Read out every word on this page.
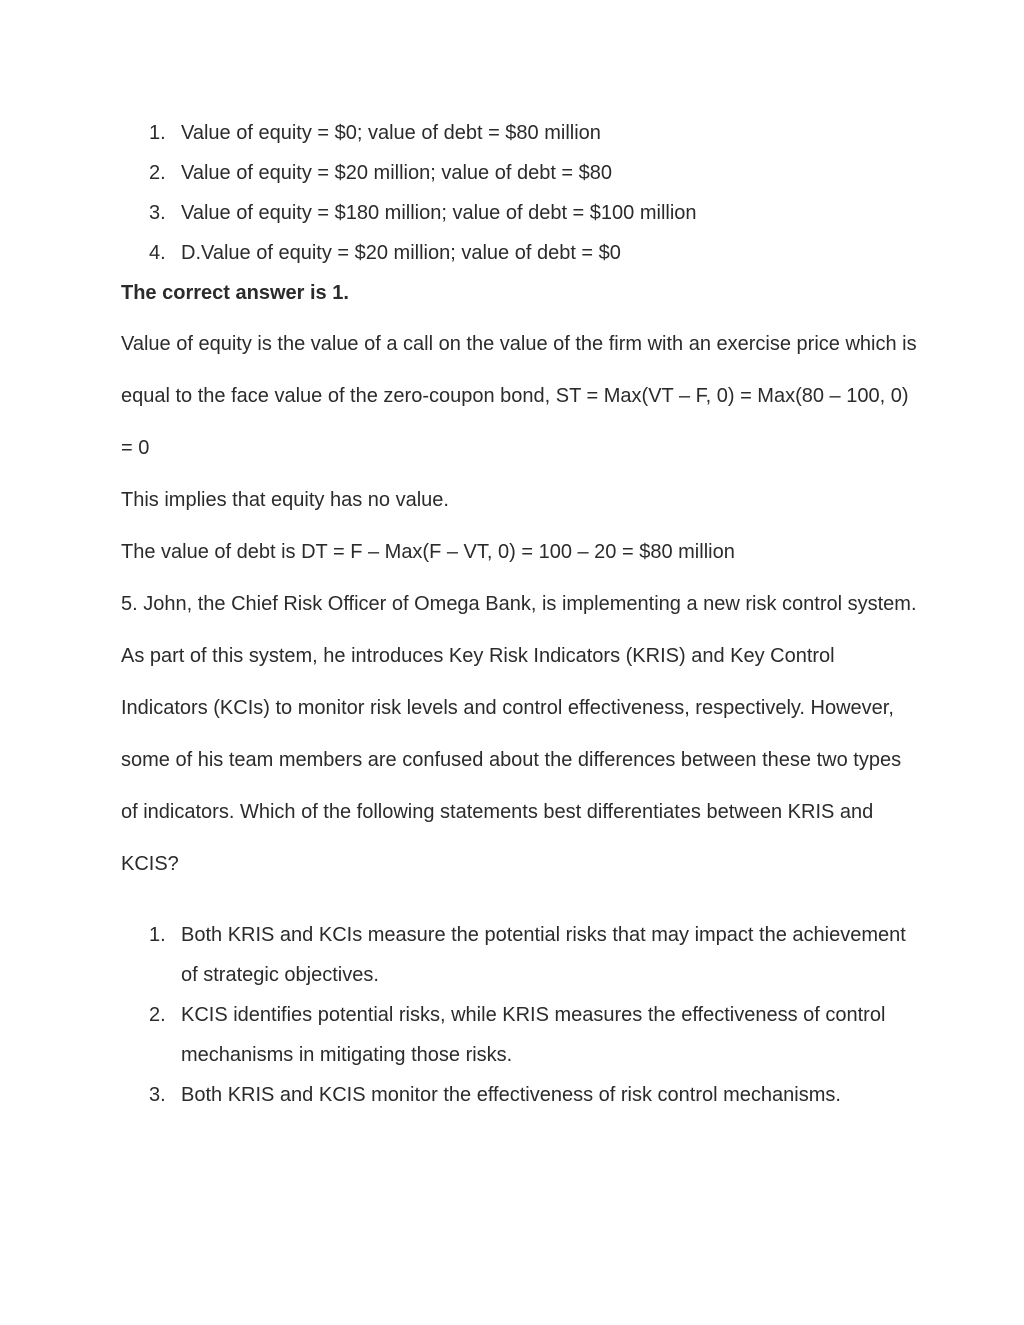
1. Value of equity = $0; value of debt = $80 million
2. Value of equity = $20 million; value of debt = $80
3. Value of equity = $180 million; value of debt = $100 million
4. D.Value of equity = $20 million; value of debt = $0
The correct answer is 1.

Value of equity is the value of a call on the value of the firm with an exercise price which is equal to the face value of the zero-coupon bond, ST = Max(VT – F, 0) = Max(80 – 100, 0) = 0

This implies that equity has no value.

The value of debt is DT = F – Max(F – VT, 0) = 100 – 20 = $80 million

5. John, the Chief Risk Officer of Omega Bank, is implementing a new risk control system. As part of this system, he introduces Key Risk Indicators (KRIS) and Key Control Indicators (KCIs) to monitor risk levels and control effectiveness, respectively. However, some of his team members are confused about the differences between these two types of indicators. Which of the following statements best differentiates between KRIS and KCIS?

1. Both KRIS and KCIs measure the potential risks that may impact the achievement of strategic objectives.
2. KCIS identifies potential risks, while KRIS measures the effectiveness of control mechanisms in mitigating those risks.
3. Both KRIS and KCIS monitor the effectiveness of risk control mechanisms.
